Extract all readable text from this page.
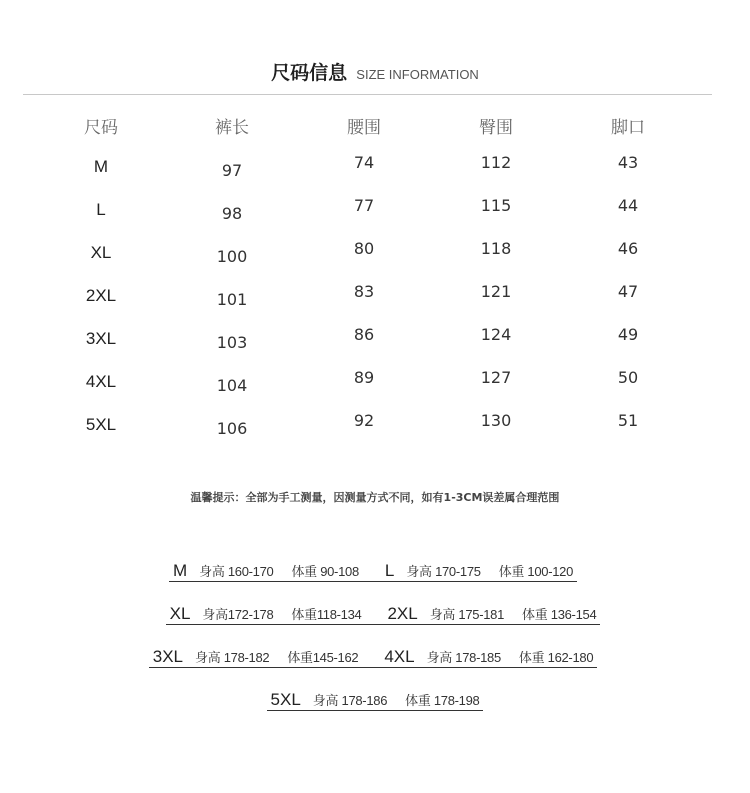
尺码信息 SIZE INFORMATION
尺码	裤长	腰围	臀围	脚口
M	97	74	112	43
L	98	77	115	44
XL	100	80	118	46
2XL	101	83	121	47
3XL	103	86	124	49
4XL	104	89	127	50
5XL	106	92	130	51
温馨提示：全部为手工测量，因测量方式不同，如有1-3CM误差属合理范围
M 身高 160-170 体重 90-108 L 身高 170-175 体重 100-120
XL 身高172-178 体重118-134 2XL 身高 175-181 体重 136-154
3XL 身高 178-182 体重145-162 4XL 身高 178-185 体重 162-180
5XL 身高 178-186 体重 178-198
